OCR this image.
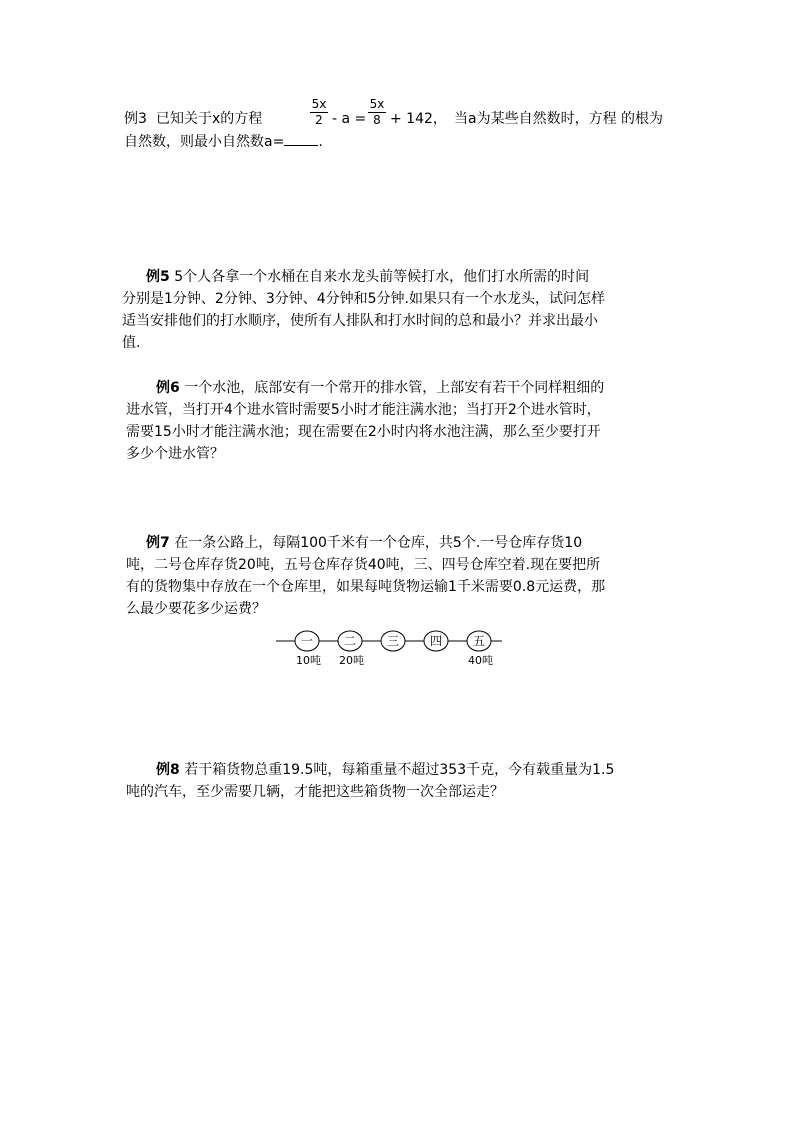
例3 已知关于x的方程	$\frac{5x}{2} - a = \frac{5x}{8} + 142$， 当a为某些自然数时，方程 的根为
自然数，则最小自然数a= .
例5 5个人各拿一个水桶在自来水龙头前等候打水，他们打水所需的时间
分别是1分钟、2分钟、3分钟、4分钟和5分钟.如果只有一个水龙头，试问怎样
适当安排他们的打水顺序，使所有人排队和打水时间的总和最小？并求出最小
值.
例6 一个水池，底部安有一个常开的排水管，上部安有若干个同样粗细的
进水管，当打开4个进水管时需要5小时才能注满水池；当打开2个进水管时，
需要15小时才能注满水池；现在需要在2小时内将水池注满，那么至少要打开
多少个进水管？
例7 在一条公路上，每隔100千米有一个仓库，共5个.一号仓库存货10
吨，二号仓库存货20吨，五号仓库存货40吨，三、四号仓库空着.现在要把所
有的货物集中存放在一个仓库里，如果每吨货物运输1千米需要0.8元运费，那
么最少要花多少运费？
一	二	三	四	五
10吨 20吨	40吨
例8 若干箱货物总重19.5吨，每箱重量不超过353千克，今有载重量为1.5
吨的汽车，至少需要几辆，才能把这些箱货物一次全部运走？
